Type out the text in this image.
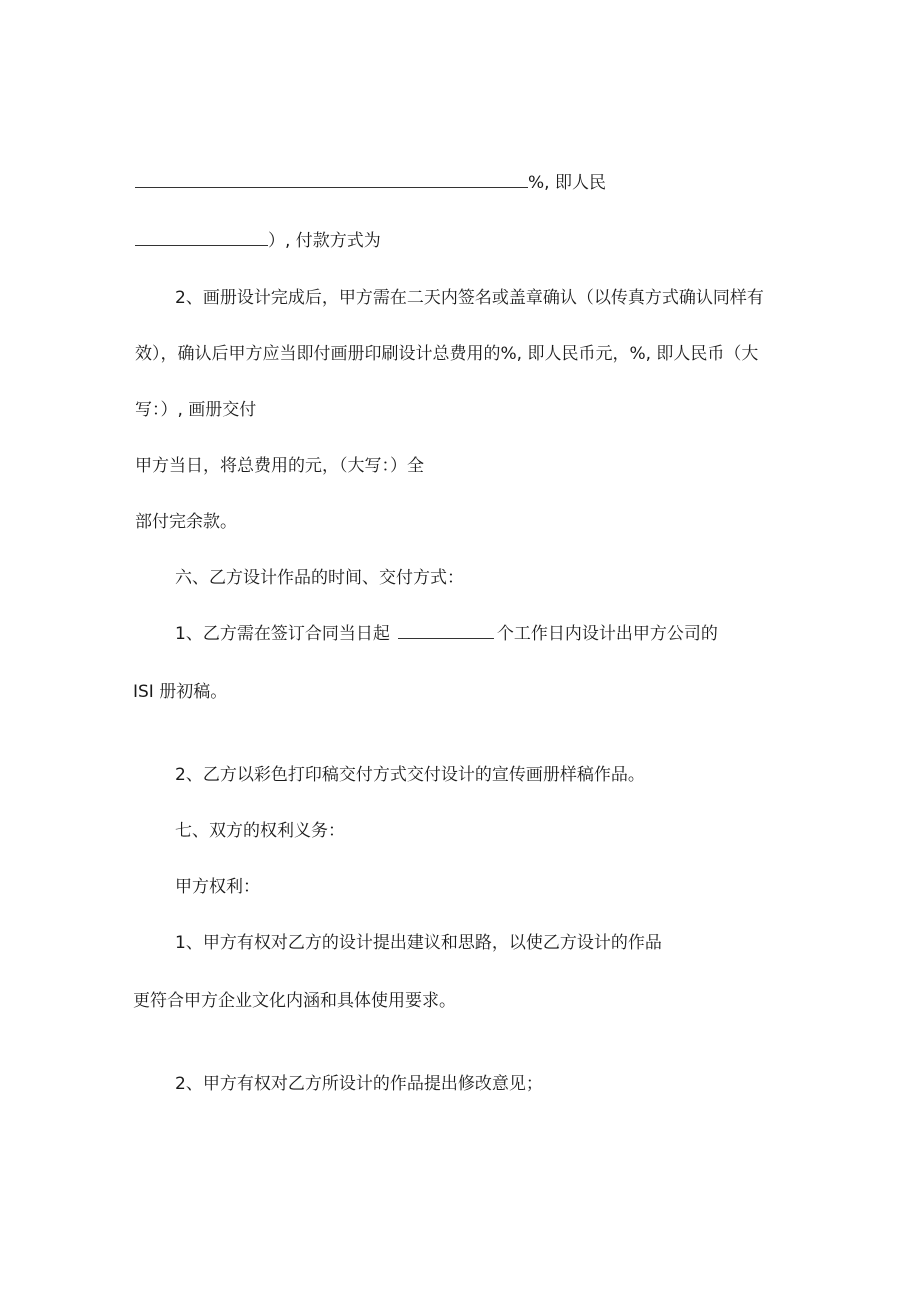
%, 即人民
）, 付款方式为
2、画册设计完成后，甲方需在二天内签名或盖章确认（以传真方式确认同样有
效），确认后甲方应当即付画册印刷设计总费用的%, 即人民币元，%, 即人民币（大
写：）, 画册交付
甲方当日，将总费用的元，（大写：）全
部付完余款。
六、乙方设计作品的时间、交付方式：
1、乙方需在签订合同当日起	个工作日内设计出甲方公司的
ISI 册初稿。
2、乙方以彩色打印稿交付方式交付设计的宣传画册样稿作品。
七、双方的权利义务：
甲方权利：
1、甲方有权对乙方的设计提出建议和思路，以使乙方设计的作品
更符合甲方企业文化内涵和具体使用要求。
2、甲方有权对乙方所设计的作品提出修改意见；
